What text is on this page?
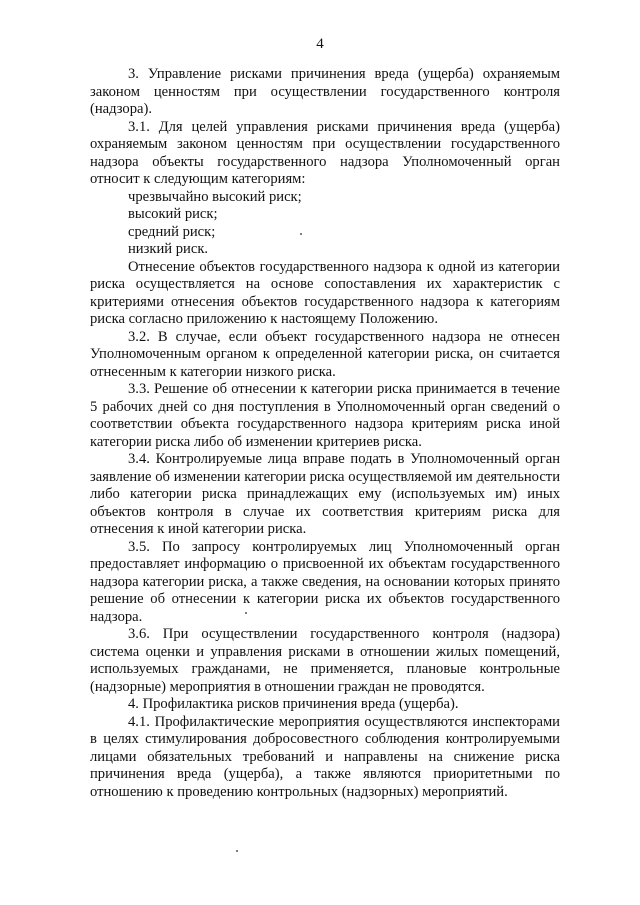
4

3. Управление рисками причинения вреда (ущерба) охраняемым законом ценностям при осуществлении государственного контроля (надзора).

3.1. Для целей управления рисками причинения вреда (ущерба) охраняемым законом ценностям при осуществлении государственного надзора объекты государственного надзора Уполномоченный орган относит к следующим категориям:

чрезвычайно высокий риск;

высокий риск;

средний риск;

низкий риск.

Отнесение объектов государственного надзора к одной из категории риска осуществляется на основе сопоставления их характеристик с критериями отнесения объектов государственного надзора к категориям риска согласно приложению к настоящему Положению.

3.2. В случае, если объект государственного надзора не отнесен Уполномоченным органом к определенной категории риска, он считается отнесенным к категории низкого риска.

3.3. Решение об отнесении к категории риска принимается в течение 5 рабочих дней со дня поступления в Уполномоченный орган сведений о соответствии объекта государственного надзора критериям риска иной категории риска либо об изменении критериев риска.

3.4. Контролируемые лица вправе подать в Уполномоченный орган заявление об изменении категории риска осуществляемой им деятельности либо категории риска принадлежащих ему (используемых им) иных объектов контроля в случае их соответствия критериям риска для отнесения к иной категории риска.

3.5. По запросу контролируемых лиц Уполномоченный орган предоставляет информацию о присвоенной их объектам государственного надзора категории риска, а также сведения, на основании которых принято решение об отнесении к категории риска их объектов государственного надзора.

3.6. При осуществлении государственного контроля (надзора) система оценки и управления рисками в отношении жилых помещений, используемых гражданами, не применяется, плановые контрольные (надзорные) мероприятия в отношении граждан не проводятся.

4. Профилактика рисков причинения вреда (ущерба).

4.1. Профилактические мероприятия осуществляются инспекторами в целях стимулирования добросовестного соблюдения контролируемыми лицами обязательных требований и направлены на снижение риска причинения вреда (ущерба), а также являются приоритетными по отношению к проведению контрольных (надзорных) мероприятий.
